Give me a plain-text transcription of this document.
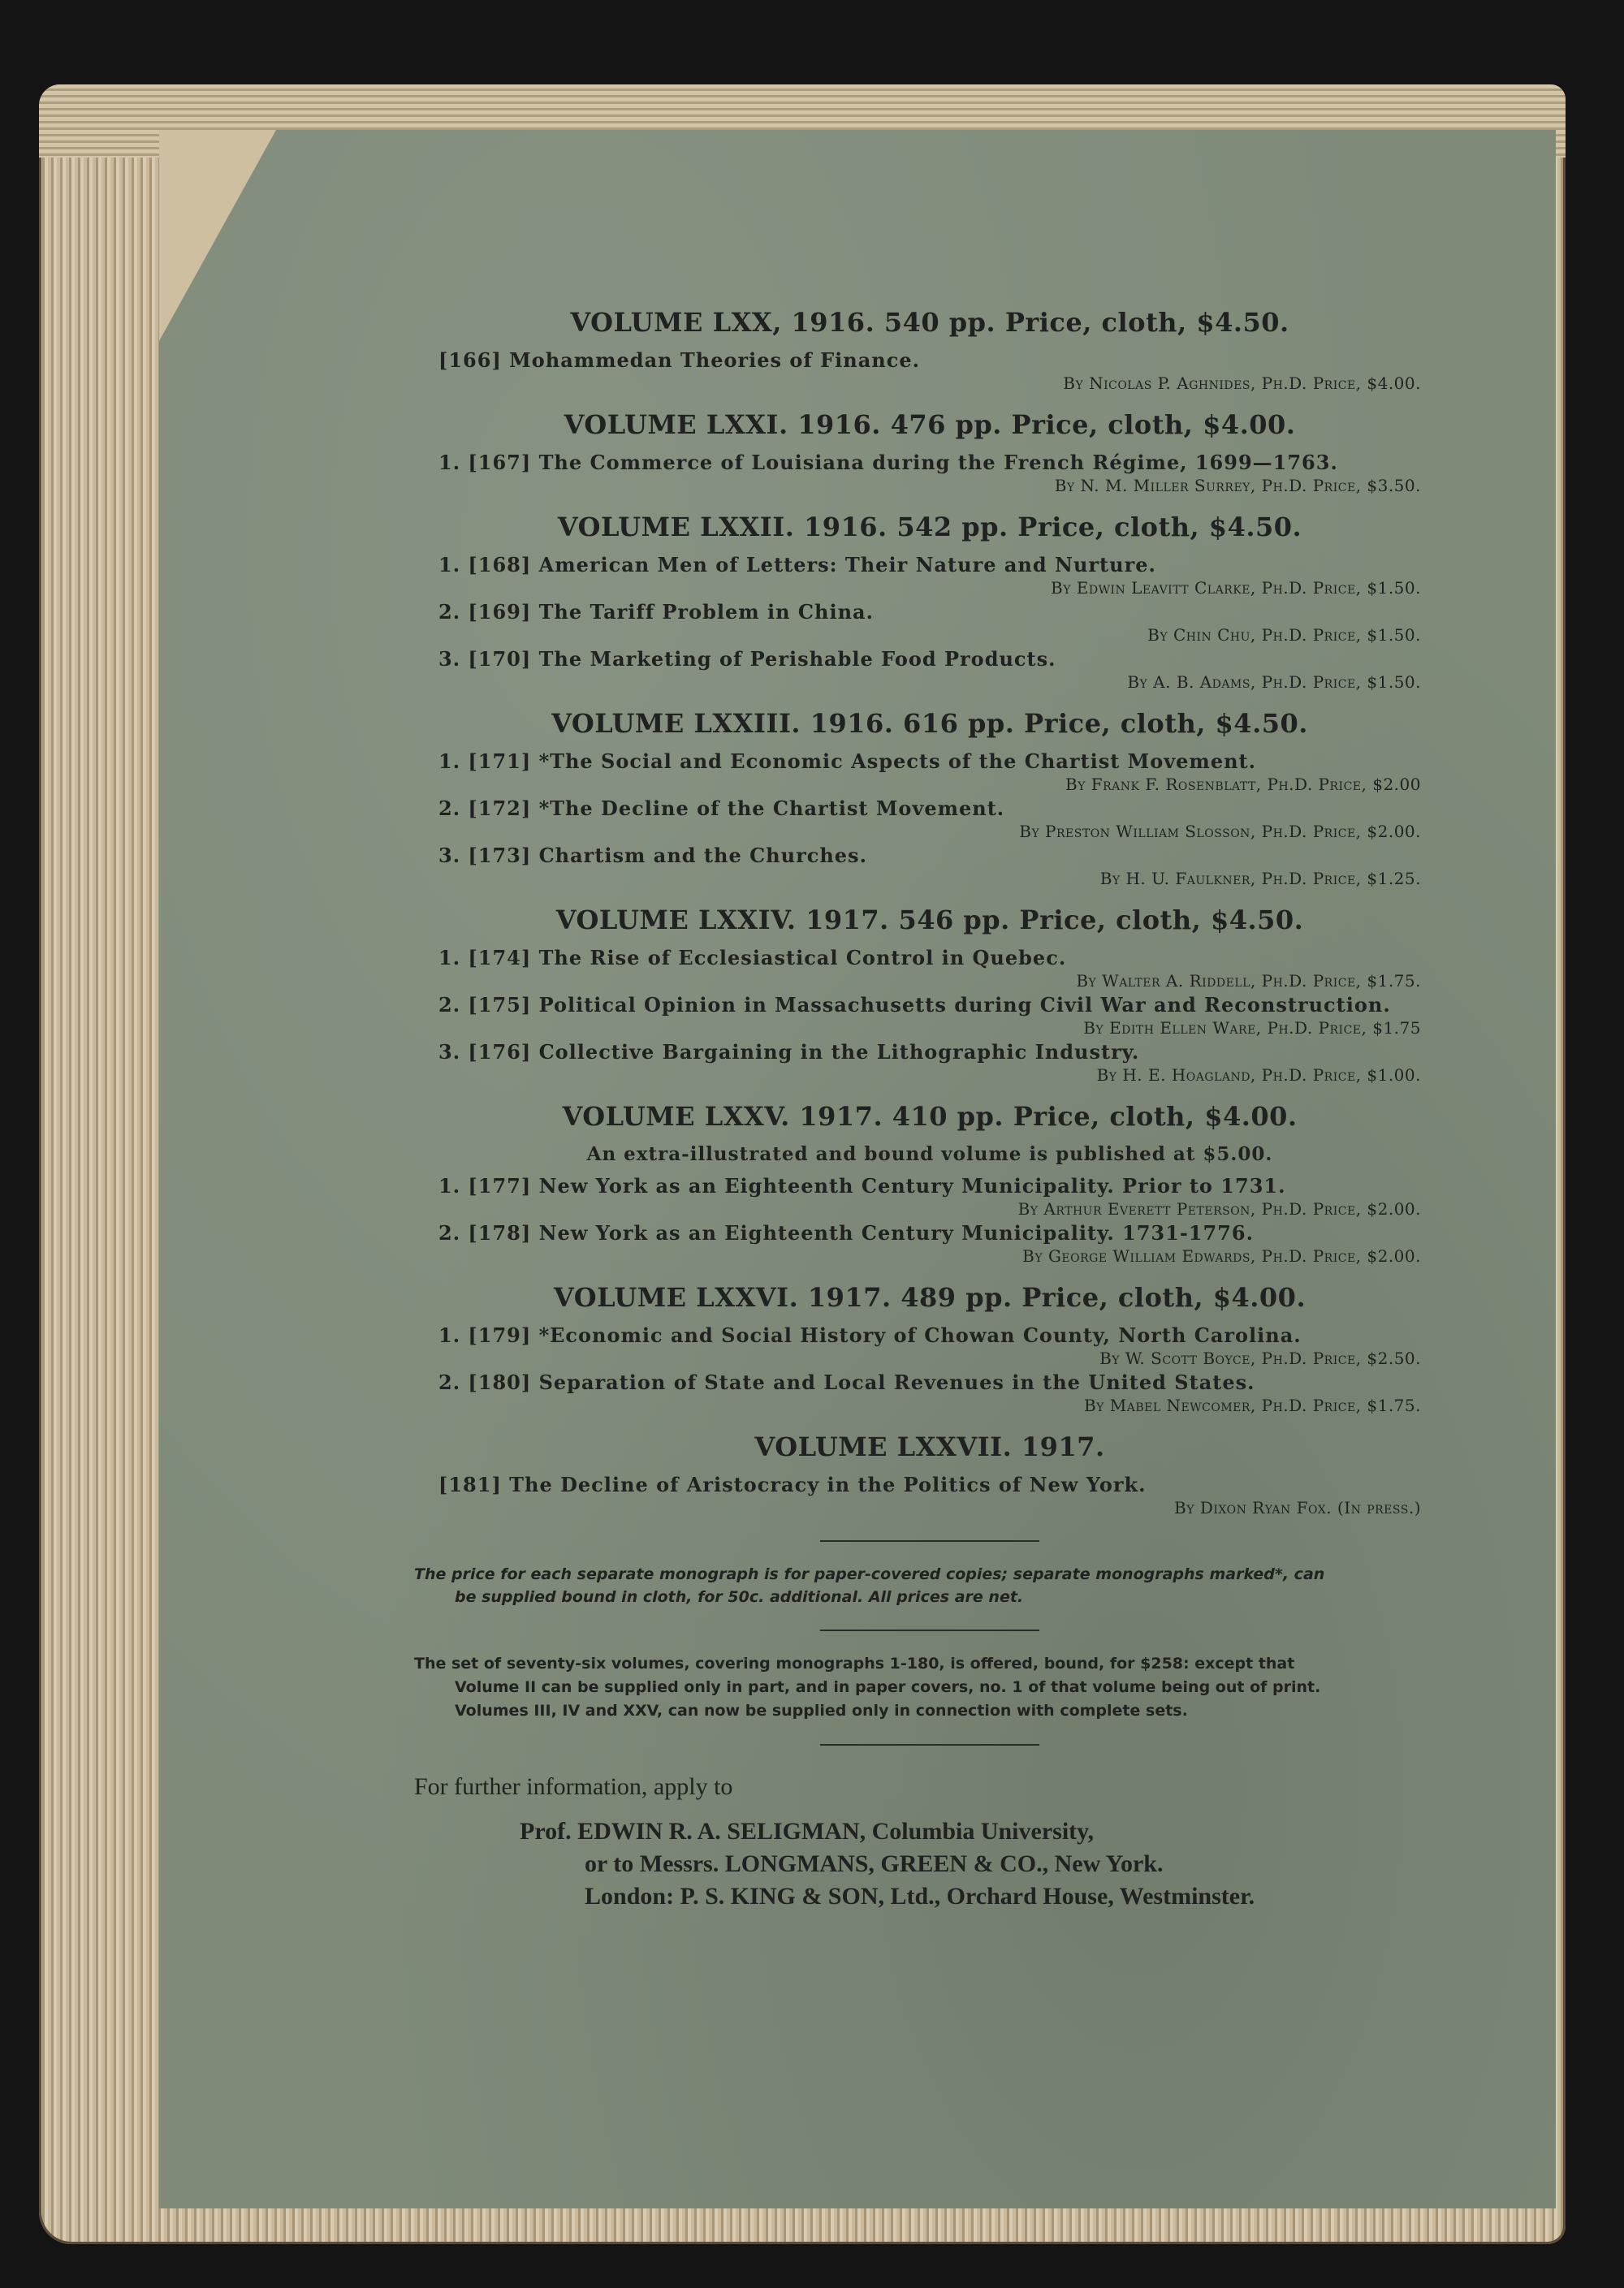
VOLUME LXX, 1916. 540 pp. Price, cloth, $4.50.
[166] Mohammedan Theories of Finance.
By Nicolas P. Aghnides, Ph.D. Price, $4.00.
VOLUME LXXI. 1916. 476 pp. Price, cloth, $4.00.
1. [167] The Commerce of Louisiana during the French Régime, 1699—1763.
By N. M. Miller Surrey, Ph.D. Price, $3.50.
VOLUME LXXII. 1916. 542 pp. Price, cloth, $4.50.
1. [168] American Men of Letters: Their Nature and Nurture.
By Edwin Leavitt Clarke, Ph.D. Price, $1.50.
2. [169] The Tariff Problem in China.
By Chin Chu, Ph.D. Price, $1.50.
3. [170] The Marketing of Perishable Food Products.
By A. B. Adams, Ph.D. Price, $1.50.
VOLUME LXXIII. 1916. 616 pp. Price, cloth, $4.50.
1. [171] *The Social and Economic Aspects of the Chartist Movement.
By Frank F. Rosenblatt, Ph.D. Price, $2.00
2. [172] *The Decline of the Chartist Movement.
By Preston William Slosson, Ph.D. Price, $2.00.
3. [173] Chartism and the Churches.
By H. U. Faulkner, Ph.D. Price, $1.25.
VOLUME LXXIV. 1917. 546 pp. Price, cloth, $4.50.
1. [174] The Rise of Ecclesiastical Control in Quebec.
By Walter A. Riddell, Ph.D. Price, $1.75.
2. [175] Political Opinion in Massachusetts during Civil War and Reconstruction.
By Edith Ellen Ware, Ph.D. Price, $1.75
3. [176] Collective Bargaining in the Lithographic Industry.
By H. E. Hoagland, Ph.D. Price, $1.00.
VOLUME LXXV. 1917. 410 pp. Price, cloth, $4.00.
An extra-illustrated and bound volume is published at $5.00.
1. [177] New York as an Eighteenth Century Municipality. Prior to 1731.
By Arthur Everett Peterson, Ph.D. Price, $2.00.
2. [178] New York as an Eighteenth Century Municipality. 1731-1776.
By George William Edwards, Ph.D. Price, $2.00.
VOLUME LXXVI. 1917. 489 pp. Price, cloth, $4.00.
1. [179] *Economic and Social History of Chowan County, North Carolina.
By W. Scott Boyce, Ph.D. Price, $2.50.
2. [180] Separation of State and Local Revenues in the United States.
By Mabel Newcomer, Ph.D. Price, $1.75.
VOLUME LXXVII. 1917.
[181] The Decline of Aristocracy in the Politics of New York.
By Dixon Ryan Fox. (In press.)
The price for each separate monograph is for paper-covered copies; separate monographs marked*, can
be supplied bound in cloth, for 50c. additional. All prices are net.
The set of seventy-six volumes, covering monographs 1-180, is offered, bound, for $258: except that
Volume II can be supplied only in part, and in paper covers, no. 1 of that volume being out of print.
Volumes III, IV and XXV, can now be supplied only in connection with complete sets.
For further information, apply to
Prof. EDWIN R. A. SELIGMAN, Columbia University,
or to Messrs. LONGMANS, GREEN & CO., New York.
London: P. S. KING & SON, Ltd., Orchard House, Westminster.
